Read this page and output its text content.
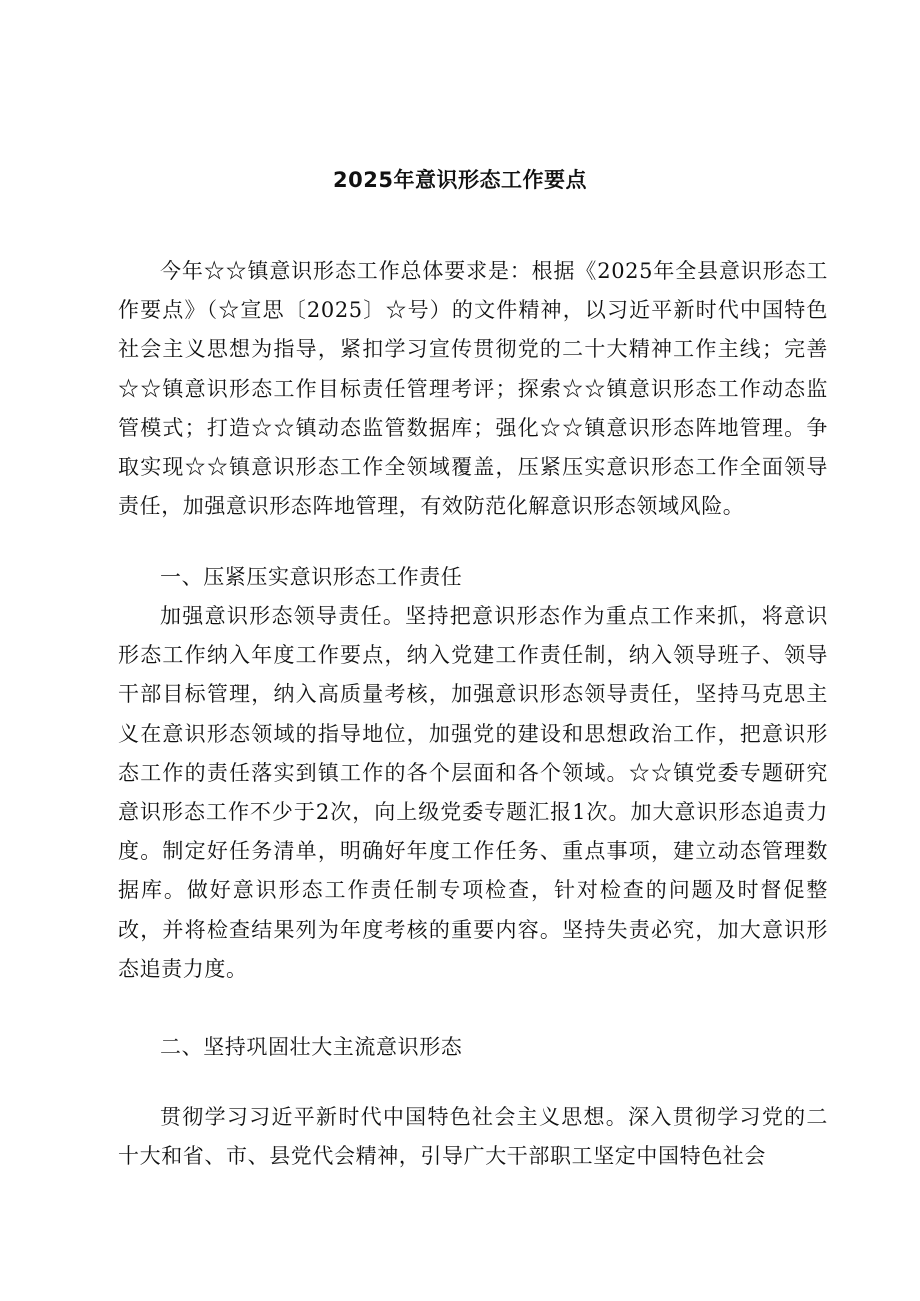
2025年意识形态工作要点

今年☆☆镇意识形态工作总体要求是：根据《2025年全县意识形态工作要点》（☆宣思〔2025〕☆号）的文件精神，以习近平新时代中国特色社会主义思想为指导，紧扣学习宣传贯彻党的二十大精神工作主线；完善☆☆镇意识形态工作目标责任管理考评；探索☆☆镇意识形态工作动态监管模式；打造☆☆镇动态监管数据库；强化☆☆镇意识形态阵地管理。争取实现☆☆镇意识形态工作全领域覆盖，压紧压实意识形态工作全面领导责任，加强意识形态阵地管理，有效防范化解意识形态领域风险。

一、压紧压实意识形态工作责任

加强意识形态领导责任。坚持把意识形态作为重点工作来抓，将意识形态工作纳入年度工作要点，纳入党建工作责任制，纳入领导班子、领导干部目标管理，纳入高质量考核，加强意识形态领导责任，坚持马克思主义在意识形态领域的指导地位，加强党的建设和思想政治工作，把意识形态工作的责任落实到镇工作的各个层面和各个领域。☆☆镇党委专题研究意识形态工作不少于2次，向上级党委专题汇报1次。加大意识形态追责力度。制定好任务清单，明确好年度工作任务、重点事项，建立动态管理数据库。做好意识形态工作责任制专项检查，针对检查的问题及时督促整改，并将检查结果列为年度考核的重要内容。坚持失责必究，加大意识形态追责力度。

二、坚持巩固壮大主流意识形态

贯彻学习习近平新时代中国特色社会主义思想。深入贯彻学习党的二十大和省、市、县党代会精神，引导广大干部职工坚定中国特色社会
